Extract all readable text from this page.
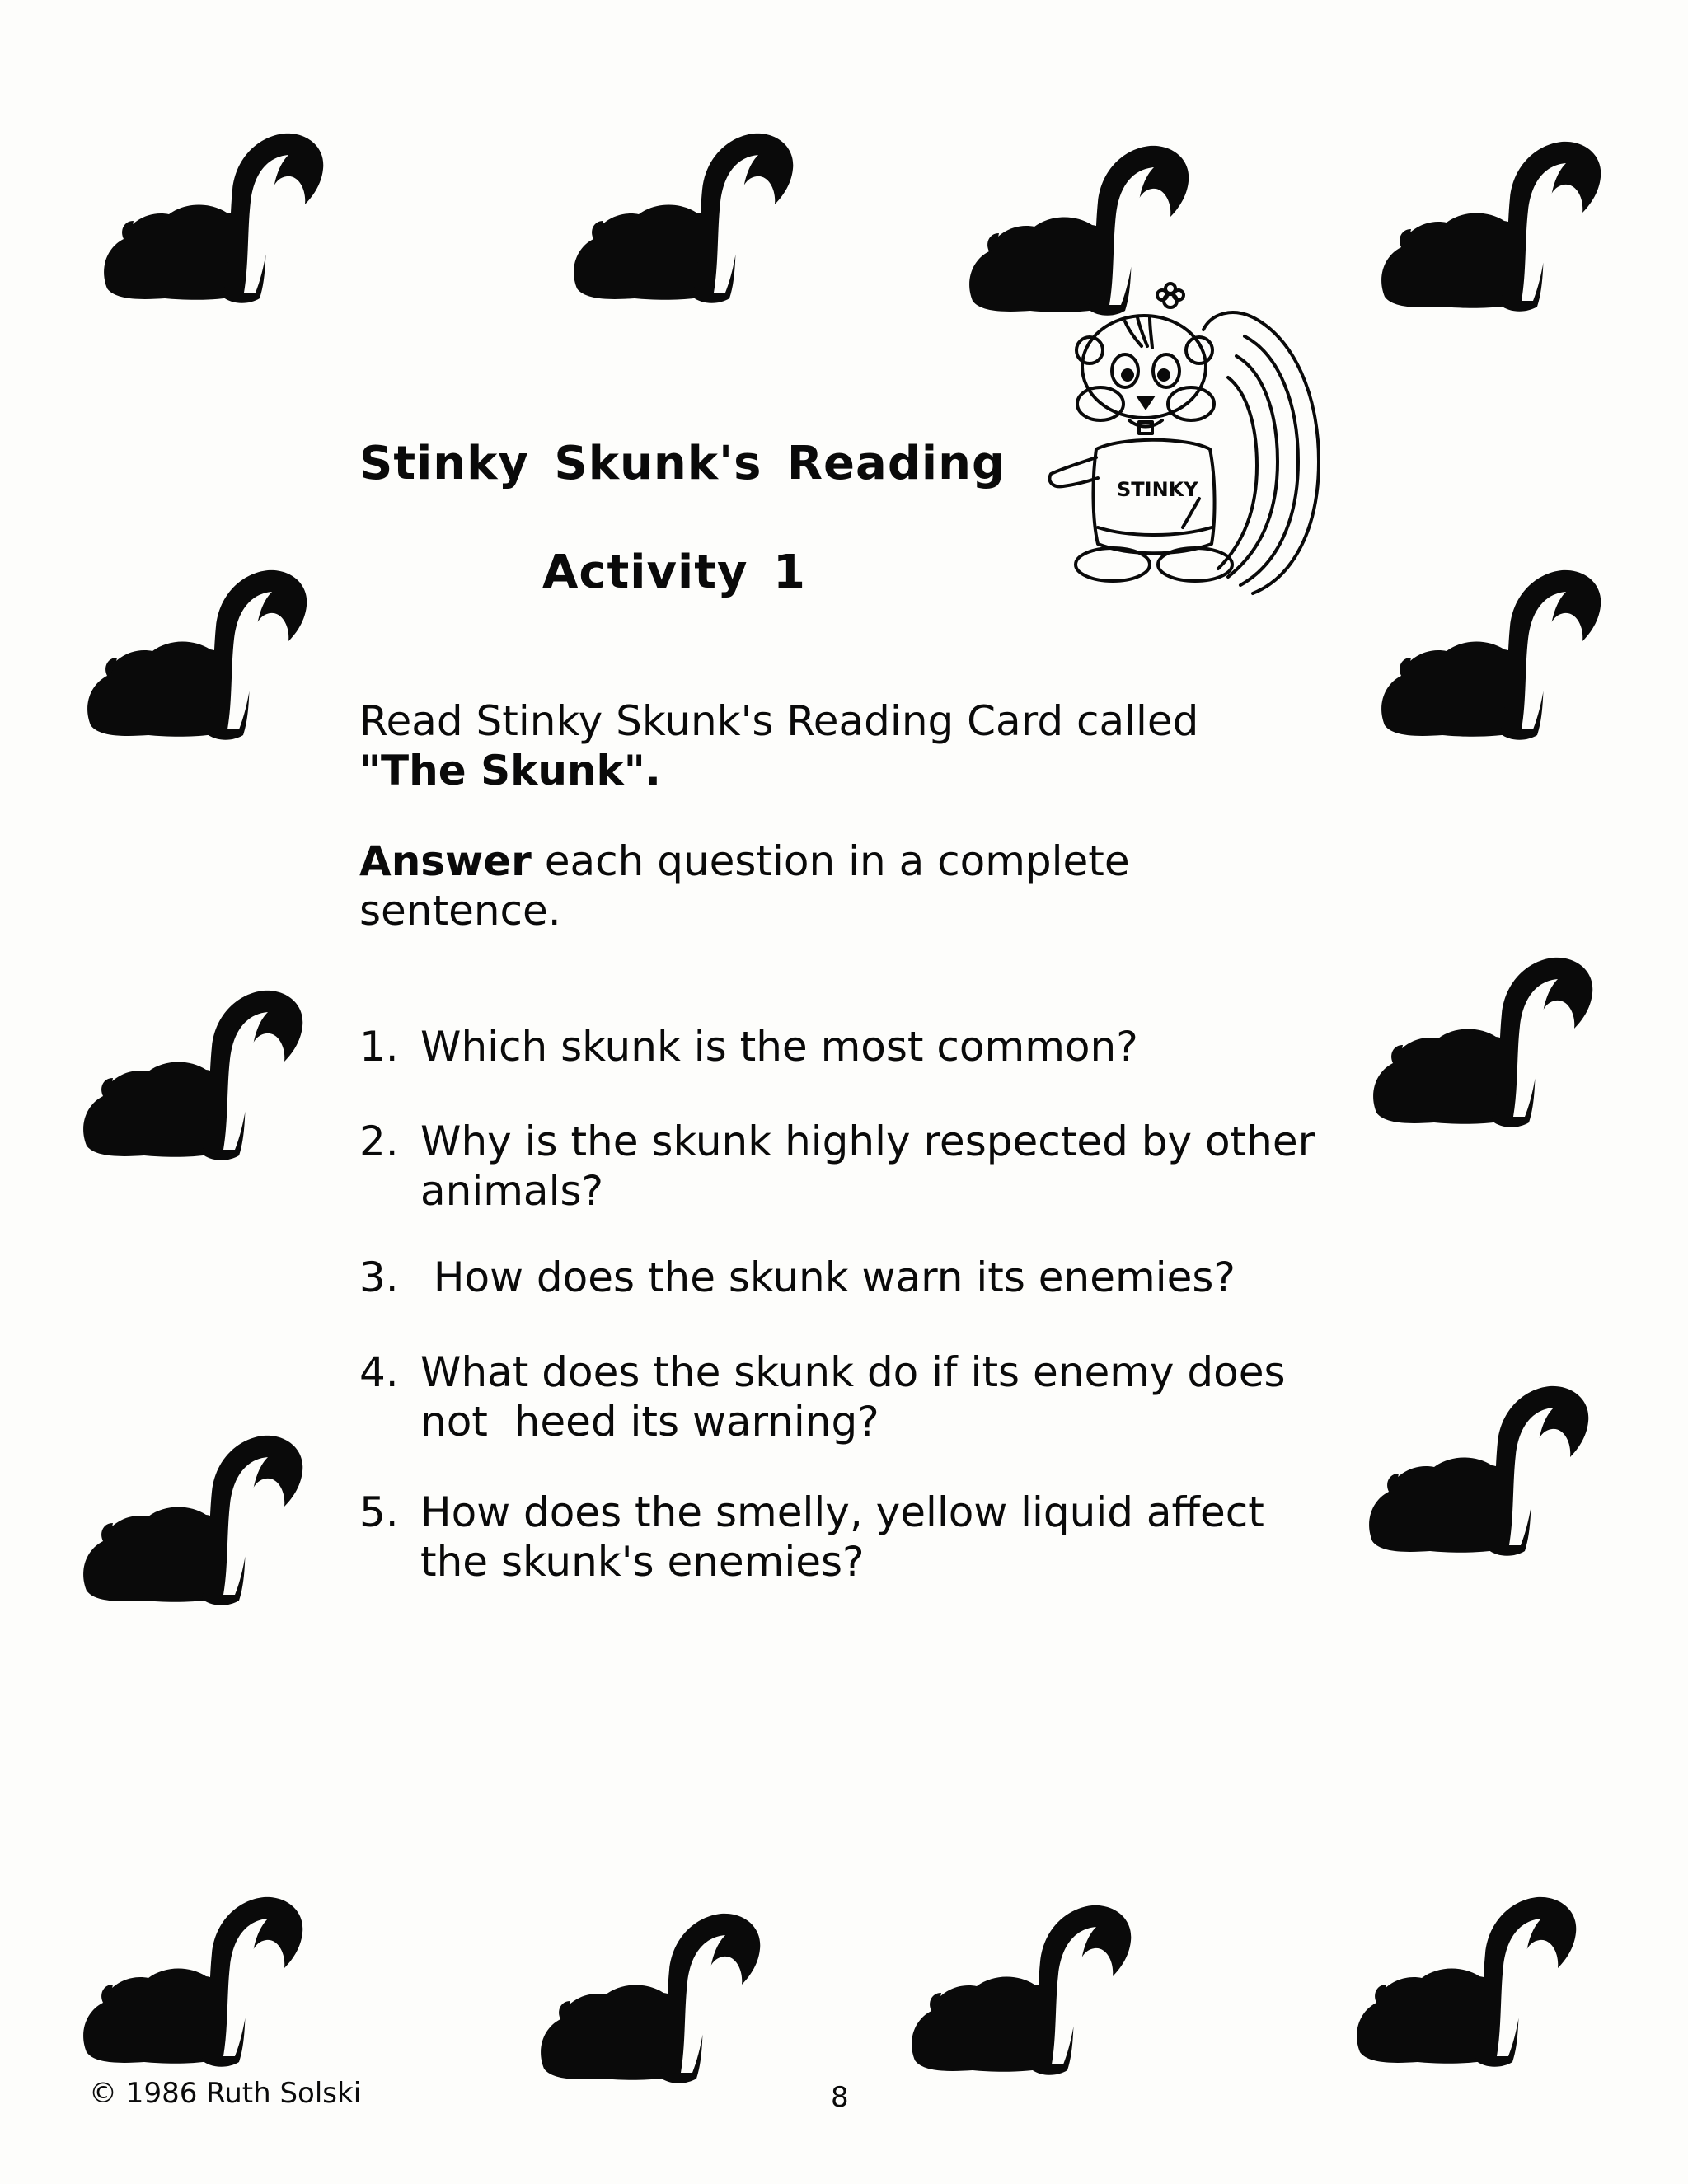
Stinky Skunk's Reading
Activity 1
STINKY
Read Stinky Skunk's Reading Card called
"The Skunk".
Answer each question in a complete
sentence.
1. Which skunk is the most common?
2. Why is the skunk highly respected by other
animals?
3. How does the skunk warn its enemies?
4. What does the skunk do if its enemy does
not  heed its warning?
5. How does the smelly, yellow liquid affect
the skunk's enemies?
© 1986 Ruth Solski	8
